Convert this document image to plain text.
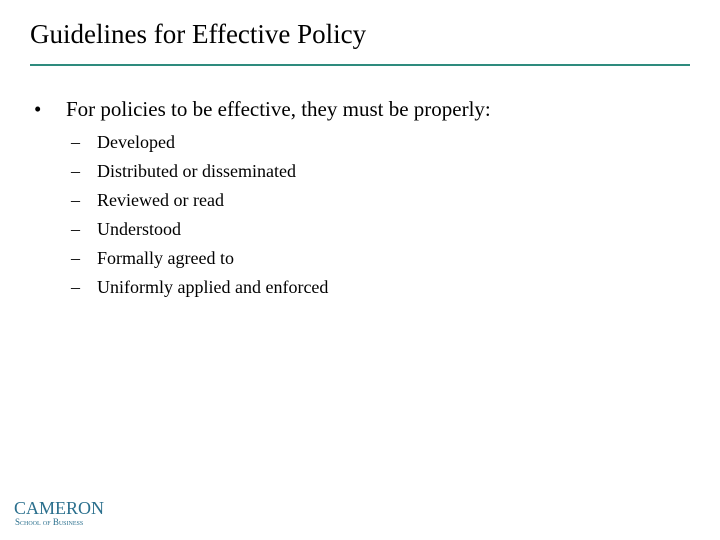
Guidelines for Effective Policy
• For policies to be effective, they must be properly:
– Developed
– Distributed or disseminated
– Reviewed or read
– Understood
– Formally agreed to
– Uniformly applied and enforced
CAMERON
School of Business
